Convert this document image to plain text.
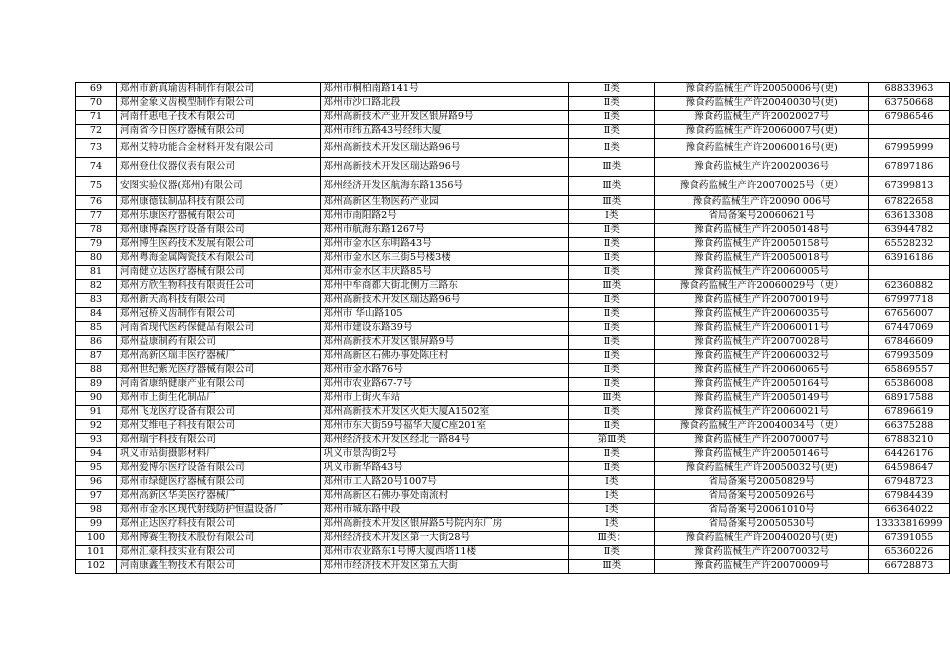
69	郑州市新真瑜齿科制作有限公司	郑州市桐柏南路141号	Ⅱ类	豫食药监械生产许20050006号(更)	68833963
70	郑州金象义齿模型制作有限公司	郑州市沙口路北段	Ⅱ类	豫食药监械生产许20040030号(更)	63750668
71	河南仟惠电子技术有限公司	郑州高新技术产业开发区银屏路9号	Ⅱ类	豫食药监械生产许20020027号	67986546
72	河南省今日医疗器械有限公司	郑州市纬五路43号经纬大厦	Ⅱ类	豫食药监械生产许20060007号(更)	
73	郑州艾特功能合金材料开发有限公司	郑州高新技术开发区瑞达路96号	Ⅱ类	豫食药监械生产许20060016号(更)	67995999
74	郑州登仕仪器仪表有限公司	郑州高新技术开发区瑞达路96号	Ⅲ类	豫食药监械生产许20020036号	67897186
75	安图实验仪器(郑州)有限公司	郑州经济开发区航海东路1356号	Ⅲ类	豫食药监械生产许20070025号（更）	67399813
76	郑州康德钛制品科技有限公司	郑州高新区生物医药产业园	Ⅲ类	豫食药监械生产许20090 006号	67822658
77	郑州乐康医疗器械有限公司	郑州市南阳路2号	Ⅰ类	省局备案号20060621号	63613308
78	郑州康博森医疗设备有限公司	郑州市航海东路1267号	Ⅱ类	豫食药监械生产许20050148号	63944782
79	郑州博生医药技术发展有限公司	郑州市金水区东明路43号	Ⅱ类	豫食药监械生产许20050158号	65528232
80	郑州粤海金属陶瓷技术有限公司	郑州市金水区东三街5号楼3楼	Ⅱ类	豫食药监械生产许20050018号	63916186
81	河南健立达医疗器械有限公司	郑州市金水区丰庆路85号	Ⅱ类	豫食药监械生产许20060005号	
82	郑州方欣生物科技有限责任公司	郑州中牟商都大街北侧万三路东	Ⅲ类	豫食药监械生产许20060029号（更）	62360882
83	郑州新天高科技有限公司	郑州高新技术开发区瑞达路96号	Ⅱ类	豫食药监械生产许20070019号	67997718
84	郑州冠桥义齿制作有限公司	郑州市 华山路105	Ⅱ类	豫食药监械生产许20060035号	67656007
85	河南省现代医药保健品有限公司	郑州市建设东路39号	Ⅱ类	豫食药监械生产许20060011号	67447069
86	郑州益康制药有限公司	郑州高新技术开发区银屏路9号	Ⅱ类	豫食药监械生产许20070028号	67846609
87	郑州高新区瑞丰医疗器械厂	郑州高新区石佛办事处陈庄村	Ⅱ类	豫食药监械生产许20060032号	67993509
88	郑州世纪紫光医疗器械有限公司	郑州市金水路76号	Ⅱ类	豫食药监械生产许20060065号	65869557
89	河南省康纳健康产业有限公司	郑州市农业路67-7号	Ⅱ类	豫食药监械生产许20050164号	65386008
90	郑州市上街生化制品厂	郑州市上街火车站	Ⅲ类	豫食药监械生产许20050149号	68917588
91	郑州飞龙医疗设备有限公司	郑州高新技术开发区火炬大厦A1502室	Ⅱ类	豫食药监械生产许20060021号	67896619
92	郑州艾维电子科技有限公司	郑州市东大街59号福华大厦C座201室	Ⅱ类	豫食药监械生产许20040034号（更）	66375288
93	郑州瑞宇科技有限公司	郑州经济技术开发区经北一路84号	第Ⅲ类	豫食药监械生产许20070007号	67883210
94	巩义市站街摄影材料厂	巩义市景沟街2号	Ⅱ类	豫食药监械生产许20050146号	64426176
95	郑州爱博尔医疗设备有限公司	巩义市新华路43号	Ⅱ类	豫食药监械生产许20050032号(更)	64598647
96	郑州市绿健医疗器械有限公司	郑州市工人路20号1007号	Ⅰ类	省局备案号20050829号	67948723
97	郑州高新区华美医疗器械厂	郑州高新区石佛办事处南流村	Ⅰ类	省局备案号20050926号	67984439
98	郑州市金水区现代射线防护恒温设备厂	郑州市城东路中段	Ⅰ类	省局备案号20061010号	66364022
99	郑州正达医疗科技有限公司	郑州高新技术开发区银屏路5号院内东厂房	Ⅰ类	省局备案号20050530号	13333816999
100	郑州博赛生物技术股份有限公司	郑州经济技术开发区第一大街28号	Ⅲ类：	豫食药监械生产许20040020号(更)	67391055
101	郑州汇豪科技实业有限公司	郑州市农业路东1号博大厦西塔11楼	Ⅱ类	豫食药监械生产许20070032号	65360226
102	河南康鑫生物技术有限公司	郑州市经济技术开发区第五大街	Ⅲ类	豫食药监械生产许20070009号	66728873
